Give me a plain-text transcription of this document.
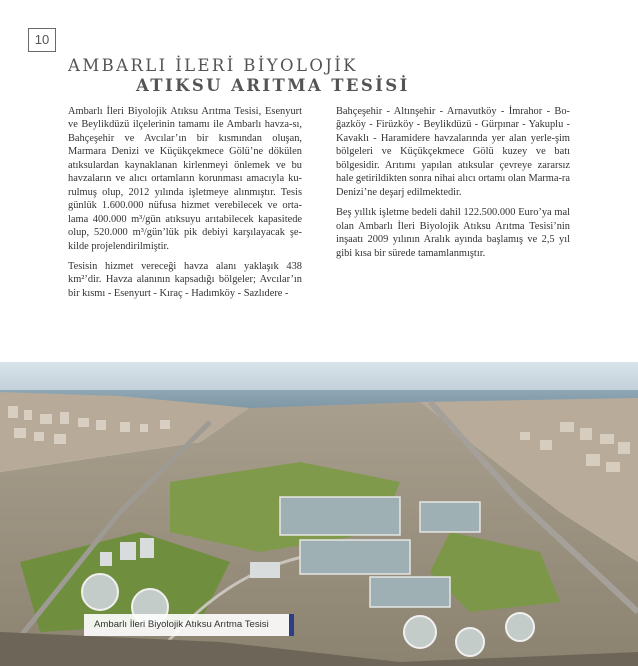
10
AMBARLI İLERİ BİYOLOJİK
ATIKSU ARITMA TESİSİ

Ambarlı İleri Biyolojik Atıksu Arıtma Tesisi, Esenyurt ve Beylikdüzü ilçelerinin tamamı ile Ambarlı havza-sı, Bahçeşehir ve Avcılar’ın bir kısmından oluşan, Marmara Denizi ve Küçükçekmece Gölü’ne dökülen atıksulardan kaynaklanan kirlenmeyi önlemek ve bu havzaların ve alıcı ortamların korunması amacıyla ku-rulmuş olup, 2012 yılında işletmeye alınmıştır. Tesis günlük 1.600.000 nüfusa hizmet verebilecek ve orta-lama 400.000 m³/gün atıksuyu arıtabilecek kapasitede olup, 520.000 m³/gün’lük pik debiyi karşılayacak şe-kilde projelendirilmiştir.

Tesisin hizmet vereceği havza alanı yaklaşık 438 km²’dir. Havza alanının kapsadığı bölgeler; Avcılar’ın bir kısmı - Esenyurt - Kıraç - Hadımköy - Sazlıdere -

Bahçeşehir - Altınşehir - Arnavutköy - İmrahor - Bo-ğazköy - Firüzköy - Beylikdüzü - Gürpınar - Yakuplu - Kavaklı - Haramidere havzalarında yer alan yerle-şim bölgeleri ve Küçükçekmece Gölü kuzey ve batı bölgesidir. Arıtımı yapılan atıksular çevreye zararsız hale getirildikten sonra nihai alıcı ortamı olan Marma-ra Denizi’ne deşarj edilmektedir.

Beş yıllık işletme bedeli dahil 122.500.000 Euro’ya mal olan Ambarlı İleri Biyolojik Atıksu Arıtma Tesisi’nin inşaatı 2009 yılının Aralık ayında başlamış ve 2,5 yıl gibi kısa bir sürede tamamlanmıştır.

Ambarlı İleri Biyolojik Atıksu Arıtma Tesisi
